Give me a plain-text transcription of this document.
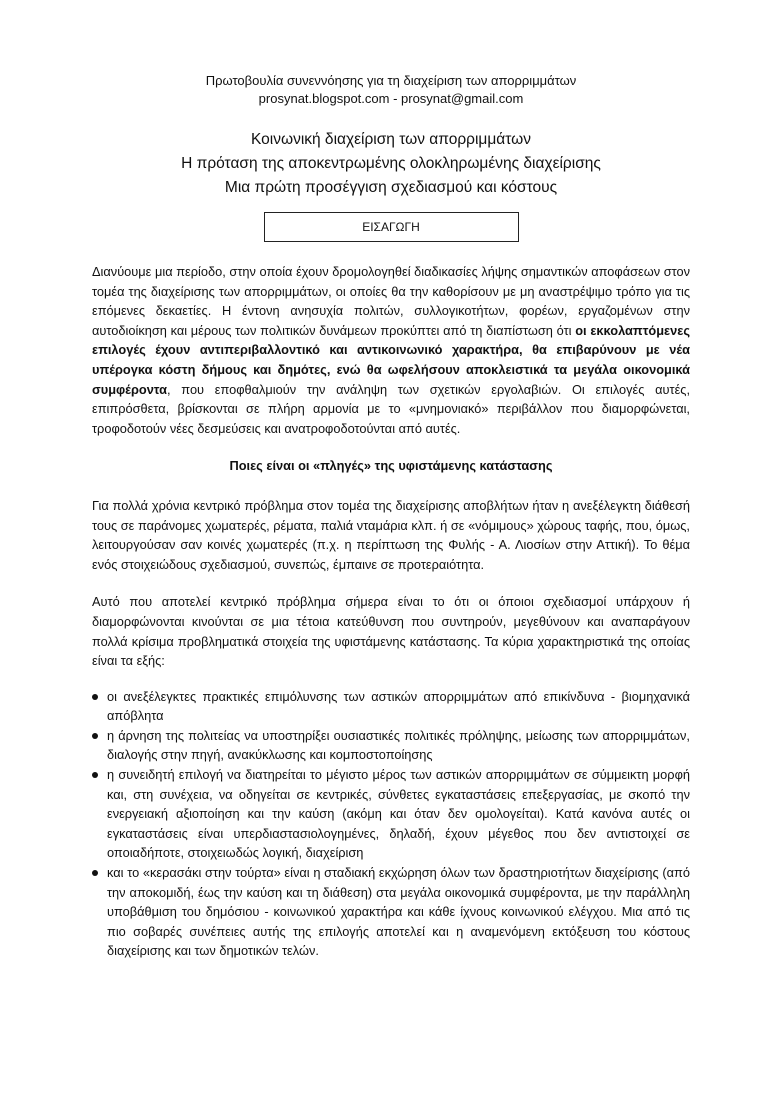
Πρωτοβουλία συνεννόησης για τη διαχείριση των απορριμμάτων
prosynat.blogspot.com - prosynat@gmail.com
Κοινωνική διαχείριση των απορριμμάτων
Η πρόταση της αποκεντρωμένης ολοκληρωμένης διαχείρισης
Μια πρώτη προσέγγιση σχεδιασμού και κόστους
ΕΙΣΑΓΩΓΗ

Διανύουμε μια περίοδο, στην οποία έχουν δρομολογηθεί διαδικασίες λήψης σημαντικών αποφάσεων στον τομέα της διαχείρισης των απορριμμάτων, οι οποίες θα την καθορίσουν με μη αναστρέψιμο τρόπο για τις επόμενες δεκαετίες. Η έντονη ανησυχία πολιτών, συλλογικοτήτων, φορέων, εργαζομένων στην αυτοδιοίκηση και μέρους των πολιτικών δυνάμεων προκύπτει από τη διαπίστωση ότι οι εκκολαπτόμενες επιλογές έχουν αντιπεριβαλλοντικό και αντικοινωνικό χαρακτήρα, θα επιβαρύνουν με νέα υπέρογκα κόστη δήμους και δημότες, ενώ θα ωφελήσουν αποκλειστικά τα μεγάλα οικονομικά συμφέροντα, που εποφθαλμιούν την ανάληψη των σχετικών εργολαβιών. Οι επιλογές αυτές, επιπρόσθετα, βρίσκονται σε πλήρη αρμονία με το «μνημονιακό» περιβάλλον που διαμορφώνεται, τροφοδοτούν νέες δεσμεύσεις και ανατροφοδοτούνται από αυτές.

Ποιες είναι οι «πληγές» της υφιστάμενης κατάστασης

Για πολλά χρόνια κεντρικό πρόβλημα στον τομέα της διαχείρισης αποβλήτων ήταν η ανεξέλεγκτη διάθεσή τους σε παράνομες χωματερές, ρέματα, παλιά νταμάρια κλπ. ή σε «νόμιμους» χώρους ταφής, που, όμως, λειτουργούσαν σαν κοινές χωματερές (π.χ. η περίπτωση της Φυλής - Α. Λιοσίων στην Αττική). Το θέμα ενός στοιχειώδους σχεδιασμού, συνεπώς, έμπαινε σε προτεραιότητα.

Αυτό που αποτελεί κεντρικό πρόβλημα σήμερα είναι το ότι οι όποιοι σχεδιασμοί υπάρχουν ή διαμορφώνονται κινούνται σε μια τέτοια κατεύθυνση που συντηρούν, μεγεθύνουν και αναπαράγουν πολλά κρίσιμα προβληματικά στοιχεία της υφιστάμενης κατάστασης. Τα κύρια χαρακτηριστικά της οποίας είναι τα εξής:

οι ανεξέλεγκτες πρακτικές επιμόλυνσης των αστικών απορριμμάτων από επικίνδυνα - βιομηχανικά απόβλητα
η άρνηση της πολιτείας να υποστηρίξει ουσιαστικές πολιτικές πρόληψης, μείωσης των απορριμμάτων, διαλογής στην πηγή, ανακύκλωσης και κομποστοποίησης
η συνειδητή επιλογή να διατηρείται το μέγιστο μέρος των αστικών απορριμμάτων σε σύμμεικτη μορφή και, στη συνέχεια, να οδηγείται σε κεντρικές, σύνθετες εγκαταστάσεις επεξεργασίας, με σκοπό την ενεργειακή αξιοποίηση και την καύση (ακόμη και όταν δεν ομολογείται). Κατά κανόνα αυτές οι εγκαταστάσεις είναι υπερδιαστασιολογημένες, δηλαδή, έχουν μέγεθος που δεν αντιστοιχεί σε οποιαδήποτε, στοιχειωδώς λογική, διαχείριση
και το «κερασάκι στην τούρτα» είναι η σταδιακή εκχώρηση όλων των δραστηριοτήτων διαχείρισης (από την αποκομιδή, έως την καύση και τη διάθεση) στα μεγάλα οικονομικά συμφέροντα, με την παράλληλη υποβάθμιση του δημόσιου - κοινωνικού χαρακτήρα και κάθε ίχνους κοινωνικού ελέγχου. Μια από τις πιο σοβαρές συνέπειες αυτής της επιλογής αποτελεί και η αναμενόμενη εκτόξευση του κόστους διαχείρισης και των δημοτικών τελών.
